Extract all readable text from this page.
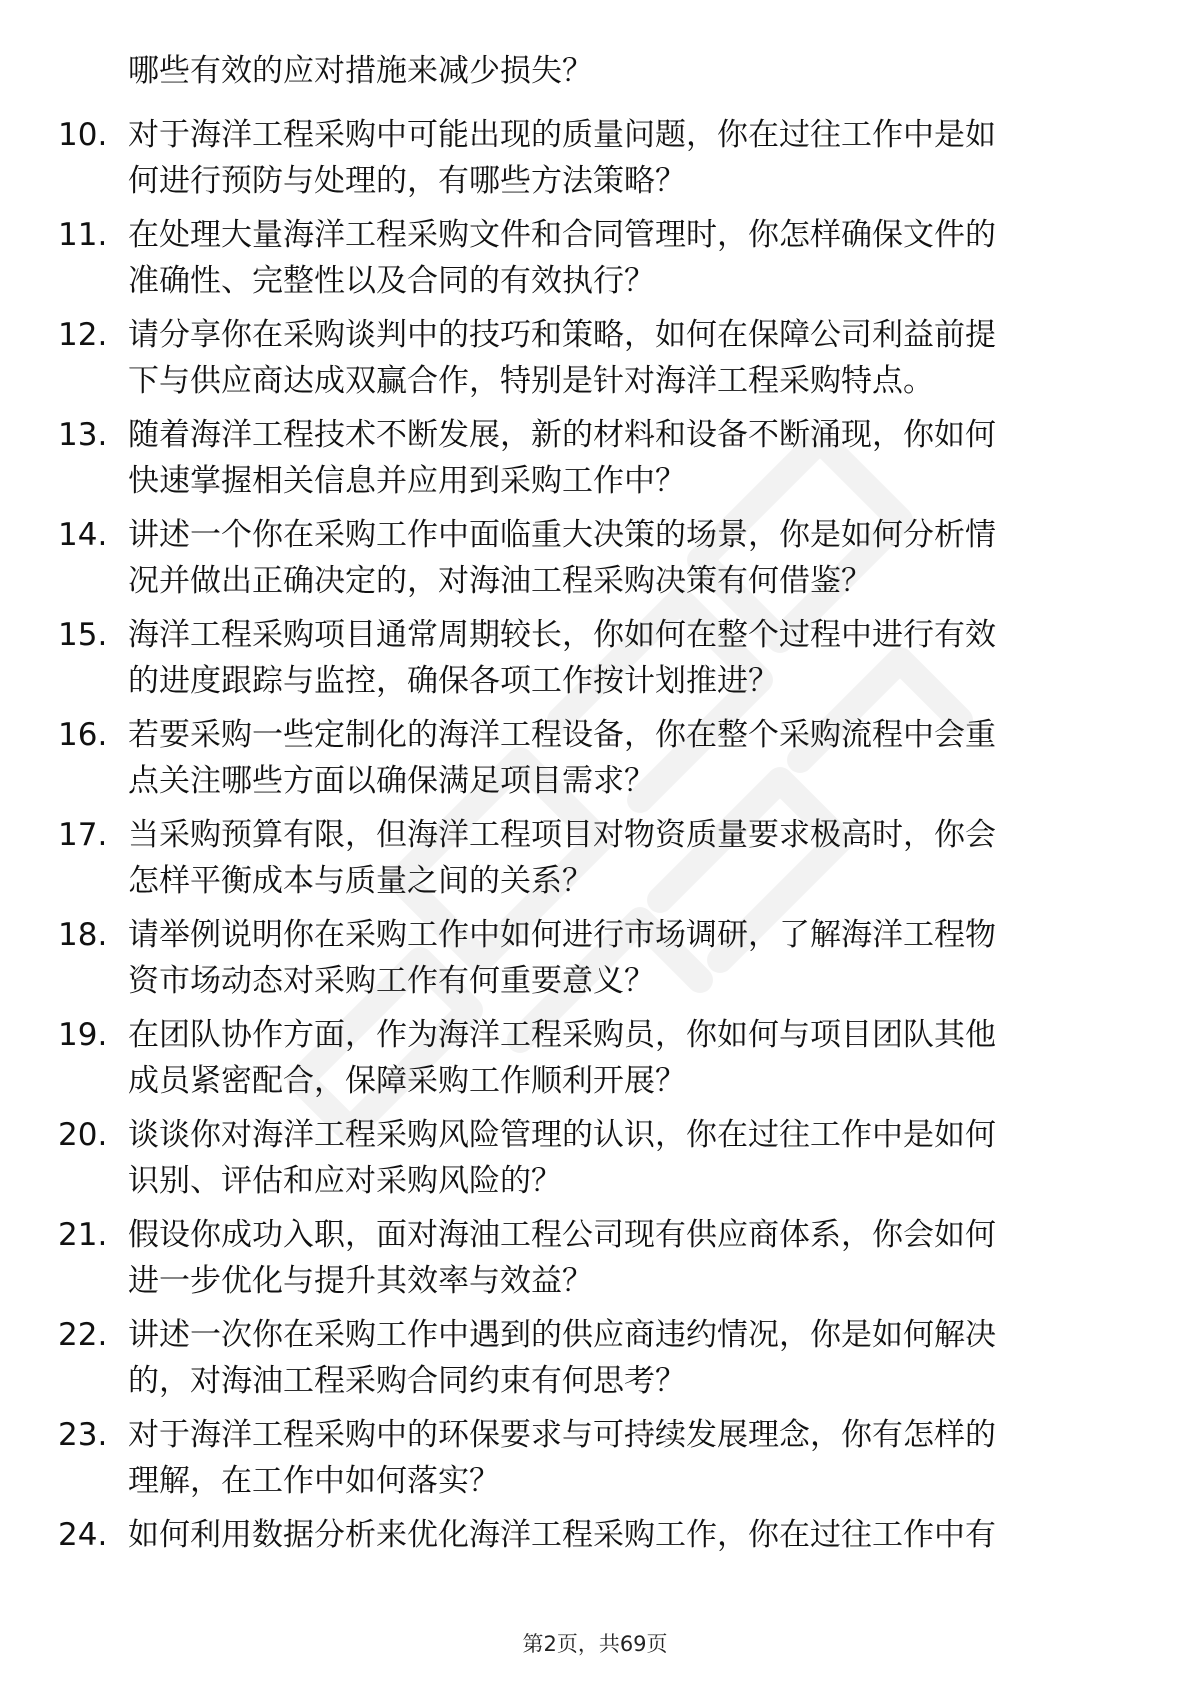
哪些有效的应对措施来减少损失？
10. 对于海洋工程采购中可能出现的质量问题，你在过往工作中是如
何进行预防与处理的，有哪些方法策略？
11. 在处理大量海洋工程采购文件和合同管理时，你怎样确保文件的
准确性、完整性以及合同的有效执行？
12. 请分享你在采购谈判中的技巧和策略，如何在保障公司利益前提
下与供应商达成双赢合作，特别是针对海洋工程采购特点。
13. 随着海洋工程技术不断发展，新的材料和设备不断涌现，你如何
快速掌握相关信息并应用到采购工作中？
14. 讲述一个你在采购工作中面临重大决策的场景，你是如何分析情
况并做出正确决定的，对海油工程采购决策有何借鉴？
15. 海洋工程采购项目通常周期较长，你如何在整个过程中进行有效
的进度跟踪与监控，确保各项工作按计划推进？
16. 若要采购一些定制化的海洋工程设备，你在整个采购流程中会重
点关注哪些方面以确保满足项目需求？
17. 当采购预算有限，但海洋工程项目对物资质量要求极高时，你会
怎样平衡成本与质量之间的关系？
18. 请举例说明你在采购工作中如何进行市场调研，了解海洋工程物
资市场动态对采购工作有何重要意义？
19. 在团队协作方面，作为海洋工程采购员，你如何与项目团队其他
成员紧密配合，保障采购工作顺利开展？
20. 谈谈你对海洋工程采购风险管理的认识，你在过往工作中是如何
识别、评估和应对采购风险的？
21. 假设你成功入职，面对海油工程公司现有供应商体系，你会如何
进一步优化与提升其效率与效益？
22. 讲述一次你在采购工作中遇到的供应商违约情况，你是如何解决
的，对海油工程采购合同约束有何思考？
23. 对于海洋工程采购中的环保要求与可持续发展理念，你有怎样的
理解，在工作中如何落实？
24. 如何利用数据分析来优化海洋工程采购工作，你在过往工作中有
第2页，共69页
